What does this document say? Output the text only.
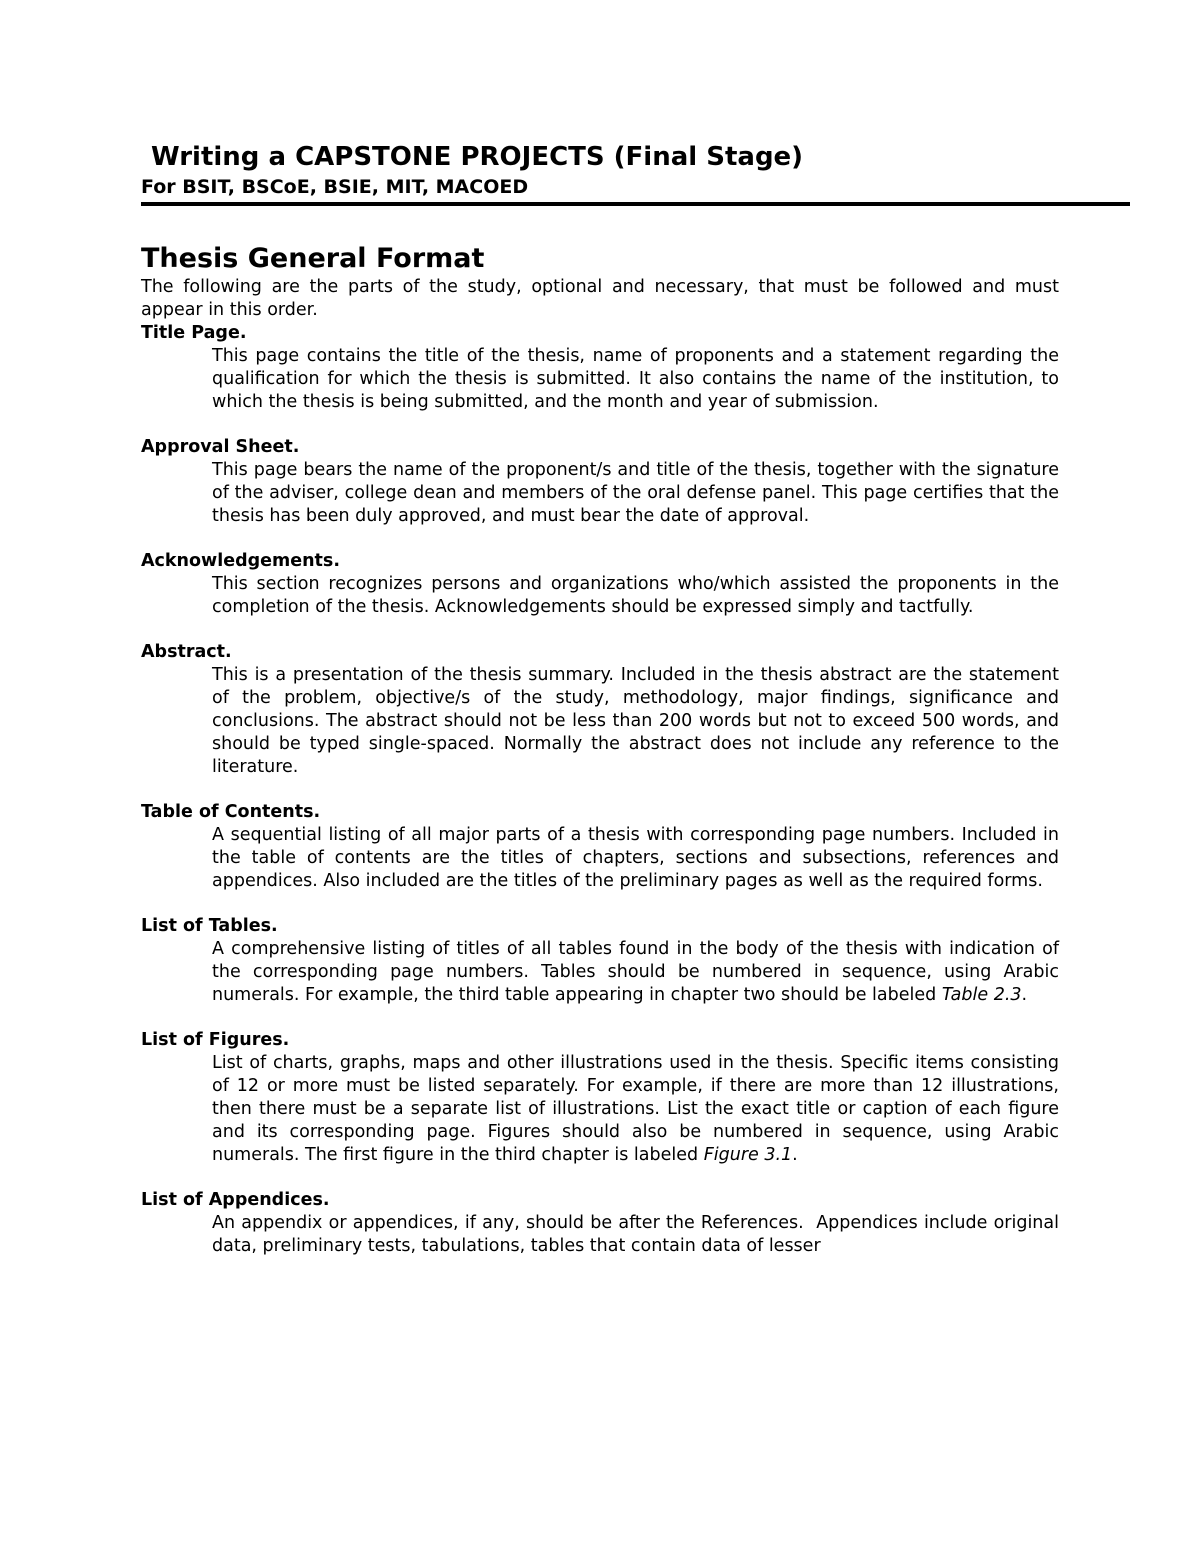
Writing a CAPSTONE PROJECTS (Final Stage)
For BSIT, BSCoE, BSIE, MIT, MACOED
Thesis General Format

The following are the parts of the study, optional and necessary, that must be followed and must appear in this order.

Title Page.

This page contains the title of the thesis, name of proponents and a statement regarding the qualification for which the thesis is submitted. It also contains the name of the institution, to which the thesis is being submitted, and the month and year of submission.

Approval Sheet.

This page bears the name of the proponent/s and title of the thesis, together with the signature of the adviser, college dean and members of the oral defense panel. This page certifies that the thesis has been duly approved, and must bear the date of approval.

Acknowledgements.

This section recognizes persons and organizations who/which assisted the proponents in the completion of the thesis. Acknowledgements should be expressed simply and tactfully.

Abstract.

This is a presentation of the thesis summary. Included in the thesis abstract are the statement of the problem, objective/s of the study, methodology, major findings, significance and conclusions. The abstract should not be less than 200 words but not to exceed 500 words, and should be typed single-spaced. Normally the abstract does not include any reference to the literature.

Table of Contents.

A sequential listing of all major parts of a thesis with corresponding page numbers. Included in the table of contents are the titles of chapters, sections and subsections, references and appendices. Also included are the titles of the preliminary pages as well as the required forms.

List of Tables.

A comprehensive listing of titles of all tables found in the body of the thesis with indication of the corresponding page numbers. Tables should be numbered in sequence, using Arabic numerals. For example, the third table appearing in chapter two should be labeled Table 2.3.

List of Figures.

List of charts, graphs, maps and other illustrations used in the thesis. Specific items consisting of 12 or more must be listed separately. For example, if there are more than 12 illustrations, then there must be a separate list of illustrations. List the exact title or caption of each figure and its corresponding page. Figures should also be numbered in sequence, using Arabic numerals. The first figure in the third chapter is labeled Figure 3.1.

List of Appendices.

An appendix or appendices, if any, should be after the References.  Appendices include original data, preliminary tests, tabulations, tables that contain data of lesser
